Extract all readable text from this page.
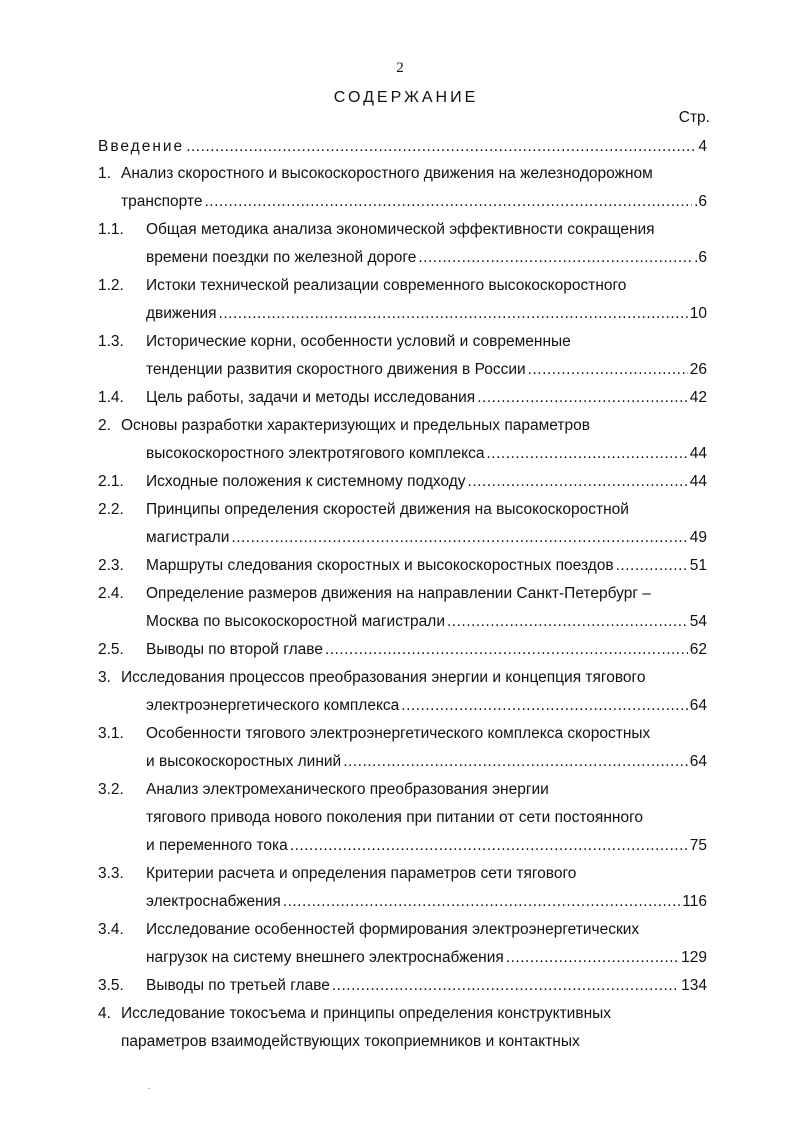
2
СОДЕРЖАНИЕ
Стр.
Введение .....	4
1. Анализ скоростного и высокоскоростного движения на железнодорожном
транспорте .....	.6
1.1. Общая методика анализа экономической эффективности сокращения
времени поездки по железной дороге .....	.6
1.2. Истоки технической реализации современного высокоскоростного
движения .....	10
1.3. Исторические корни, особенности условий и современные
тенденции развития скоростного движения в России .....	26
1.4. Цель работы, задачи и методы исследования .....	42
2. Основы разработки характеризующих и предельных параметров
высокоскоростного электротягового комплекса .....	44
2.1. Исходные положения к системному подходу .....	44
2.2. Принципы определения скоростей движения на высокоскоростной
магистрали .....	49
2.3. Маршруты следования скоростных и высокоскоростных поездов .....	51
2.4. Определение размеров движения на направлении Санкт-Петербург –
Москва по высокоскоростной магистрали .....	54
2.5. Выводы по второй главе .....	62
3. Исследования процессов преобразования энергии и концепция тягового
электроэнергетического комплекса .....	64
3.1. Особенности тягового электроэнергетического комплекса скоростных
и высокоскоростных линий .....	64
3.2. Анализ электромеханического преобразования энергии
тягового привода нового поколения при питании от сети постоянного
и переменного тока .....	75
3.3. Критерии расчета и определения параметров сети тягового
электроснабжения .....	116
3.4. Исследование особенностей формирования электроэнергетических
нагрузок на систему внешнего электроснабжения .....	129
3.5. Выводы по третьей главе .....	134
4. Исследование токосъема и принципы определения конструктивных
параметров взаимодействующих токоприемников и контактных
